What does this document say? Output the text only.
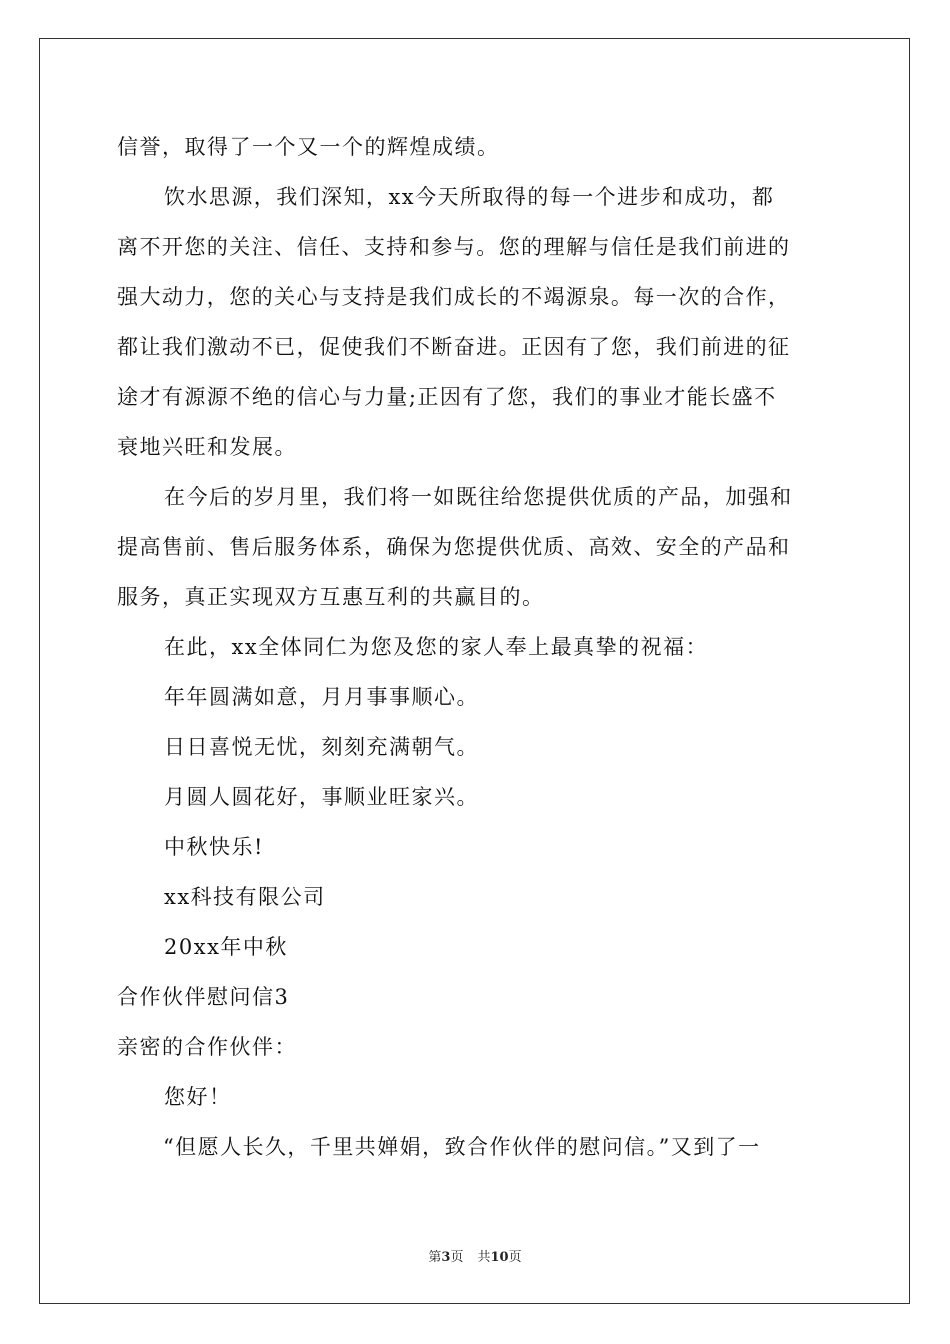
信誉，取得了一个又一个的辉煌成绩。
饮水思源，我们深知，xx今天所取得的每一个进步和成功，都
离不开您的关注、信任、支持和参与。您的理解与信任是我们前进的
强大动力，您的关心与支持是我们成长的不竭源泉。每一次的合作，
都让我们激动不已，促使我们不断奋进。正因有了您，我们前进的征
途才有源源不绝的信心与力量;正因有了您，我们的事业才能长盛不
衰地兴旺和发展。
在今后的岁月里，我们将一如既往给您提供优质的产品，加强和
提高售前、售后服务体系，确保为您提供优质、高效、安全的产品和
服务，真正实现双方互惠互利的共赢目的。
在此，xx全体同仁为您及您的家人奉上最真挚的祝福：
年年圆满如意，月月事事顺心。
日日喜悦无忧，刻刻充满朝气。
月圆人圆花好，事顺业旺家兴。
中秋快乐!
xx科技有限公司
20xx年中秋
合作伙伴慰问信3
亲密的合作伙伴：
您好！
“但愿人长久，千里共婵娟，致合作伙伴的慰问信。”又到了一
第3页 共10页
